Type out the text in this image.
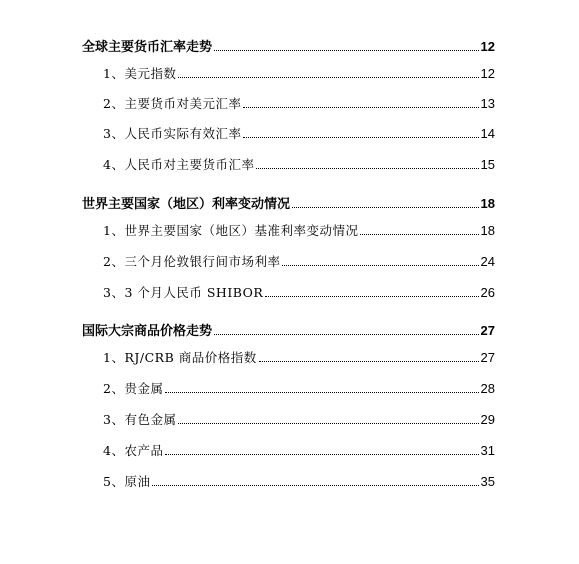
全球主要货币汇率走势	12
1、美元指数	12
2、主要货币对美元汇率	13
3、人民币实际有效汇率	14
4、人民币对主要货币汇率	15
世界主要国家（地区）利率变动情况	18
1、世界主要国家（地区）基准利率变动情况	18
2、三个月伦敦银行间市场利率	24
3、3 个月人民币 SHIBOR	26
国际大宗商品价格走势	27
1、RJ/CRB 商品价格指数	27
2、贵金属	28
3、有色金属	29
4、农产品	31
5、原油	35
